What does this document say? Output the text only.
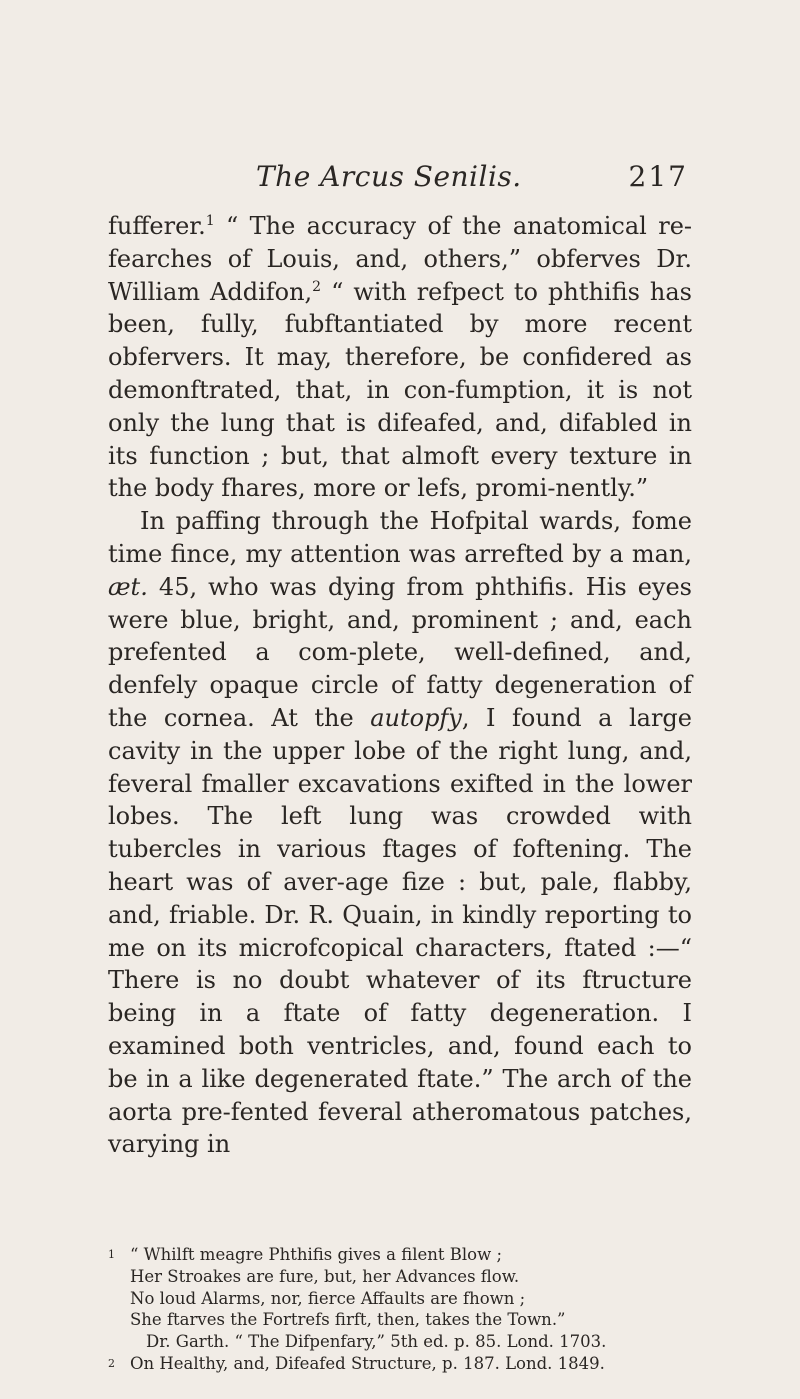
The Arcus Senilis.	217

fufferer.$^1$ “ The accuracy of the anatomical re-fearches of Louis, and, others,” obferves Dr. William Addifon,$^2$ “ with refpect to phthifis has been, fully, fubftantiated by more recent obfervers. It may, therefore, be confidered as demonftrated, that, in con-fumption, it is not only the lung that is difeafed, and, difabled in its function ; but, that almoft every texture in the body fhares, more or lefs, promi-nently.”

In paffing through the Hofpital wards, fome time fince, my attention was arrefted by a man, æt. 45, who was dying from phthifis. His eyes were blue, bright, and, prominent ; and, each prefented a com-plete, well-defined, and, denfely opaque circle of fatty degeneration of the cornea. At the autopfy, I found a large cavity in the upper lobe of the right lung, and, feveral fmaller excavations exifted in the lower lobes. The left lung was crowded with tubercles in various ftages of foftening. The heart was of aver-age fize : but, pale, flabby, and, friable. Dr. R. Quain, in kindly reporting to me on its microfcopical characters, ftated :—“ There is no doubt whatever of its ftructure being in a ftate of fatty degeneration. I examined both ventricles, and, found each to be in a like degenerated ftate.” The arch of the aorta pre-fented feveral atheromatous patches, varying in

1 “ Whilft meagre Phthifis gives a filent Blow ;
Her Stroakes are fure, but, her Advances flow.
No loud Alarms, nor, fierce Affaults are fhown ;
She ftarves the Fortrefs firft, then, takes the Town.”
Dr. Garth. “ The Difpenfary,” 5th ed. p. 85. Lond. 1703.
2 On Healthy, and, Difeafed Structure, p. 187. Lond. 1849.
